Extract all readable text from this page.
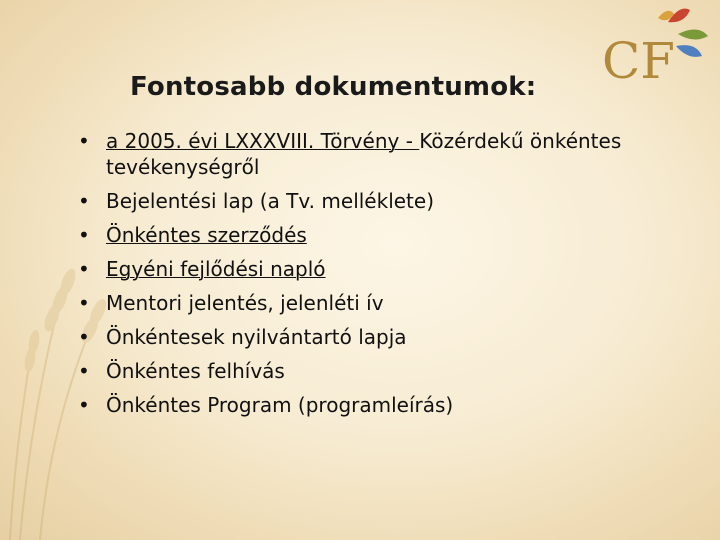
CF
Fontosabb dokumentumok:
• a 2005. évi LXXXVIII. Törvény - Közérdekű önkéntes tevékenységről
• Bejelentési lap (a Tv. melléklete)
• Önkéntes szerződés
• Egyéni fejlődési napló
• Mentori jelentés, jelenléti ív
• Önkéntesek nyilvántartó lapja
• Önkéntes felhívás
• Önkéntes Program (programleírás)
